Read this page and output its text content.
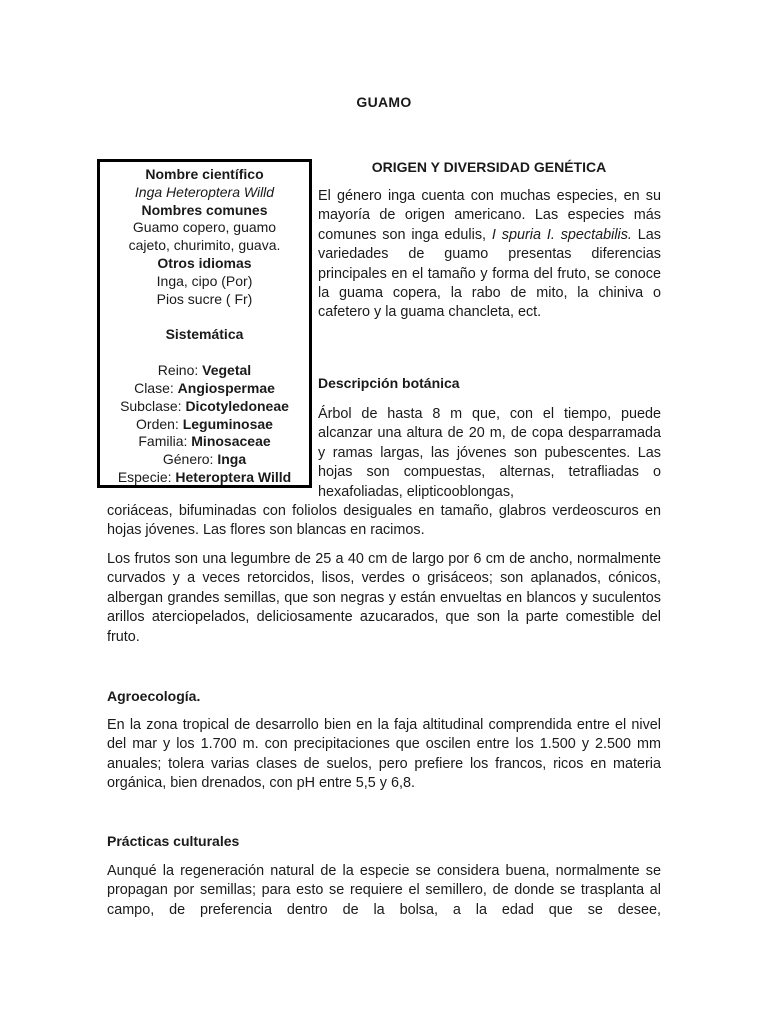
GUAMO
Nombre científico
Inga Heteroptera Willd
Nombres comunes
Guamo copero, guamo
cajeto, churimito, guava.
Otros idiomas
Inga, cipo (Por)
Pios sucre ( Fr)
Sistemática
Reino: Vegetal
Clase: Angiospermae
Subclase: Dicotyledoneae
Orden: Leguminosae
Familia: Minosaceae
Género: Inga
Especie: Heteroptera Willd
ORIGEN Y DIVERSIDAD GENÉTICA

El género inga cuenta con muchas especies, en su mayoría de origen americano. Las especies más comunes son inga edulis, I spuria I. spectabilis. Las variedades de guamo presentas diferencias principales en el tamaño y forma del fruto, se conoce la guama copera, la rabo de mito, la chiniva o cafetero y la guama chancleta, ect.

Descripción botánica

Árbol de hasta 8 m que, con el tiempo, puede alcanzar una altura de 20 m, de copa desparramada y ramas largas, las jóvenes son pubescentes. Las hojas son compuestas, alternas, tetrafliadas o hexafoliadas, elipticooblongas,

coriáceas, bifuminadas con foliolos desiguales en tamaño, glabros verdeoscuros en hojas jóvenes. Las flores son blancas en racimos.

Los frutos son una legumbre de 25 a 40 cm de largo por 6 cm de ancho, normalmente curvados y a veces retorcidos, lisos, verdes o grisáceos; son aplanados, cónicos, albergan grandes semillas, que son negras y están envueltas en blancos y suculentos arillos aterciopelados, deliciosamente azucarados, que son la parte comestible del fruto.

Agroecología.

En la zona tropical de desarrollo bien en la faja altitudinal comprendida entre el nivel del mar y los 1.700 m. con precipitaciones que oscilen entre los 1.500 y 2.500 mm anuales; tolera varias clases de suelos, pero prefiere los francos, ricos en materia orgánica, bien drenados, con pH entre 5,5 y 6,8.

Prácticas culturales

Aunqué la regeneración natural de la especie se considera buena, normalmente se propagan por semillas; para esto se requiere el semillero, de donde se trasplanta al campo, de preferencia dentro de la bolsa, a la edad que se desee,
